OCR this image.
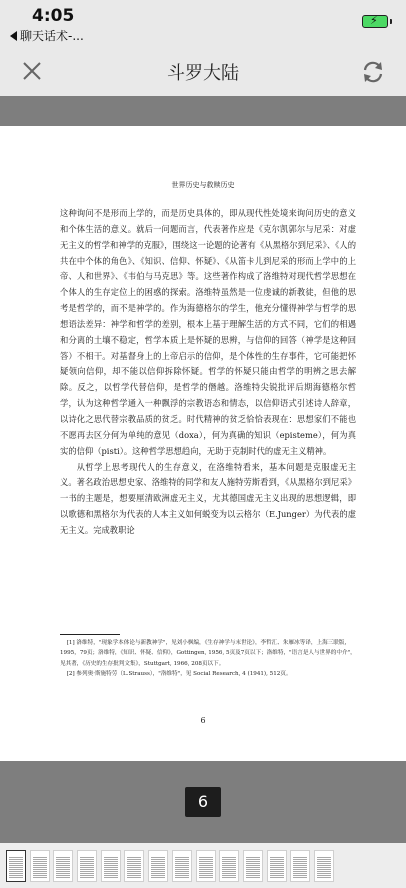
4:05
聊天话术-...
⚡
斗罗大陆
世界历史与救赎历史

这种询问不是形而上学的，而是历史具体的，即从现代性处境来询问历史的意义和个体生活的意义。就后一问题而言，代表著作应是《克尔凯郭尔与尼采：对虚无主义的哲学和神学的克服》，围绕这一论题的论著有《从黑格尔到尼采》、《人的共在中个体的角色》、《知识、信仰、怀疑》、《从笛卡儿到尼采的形而上学中的上帝、人和世界》、《韦伯与马克思》等。这些著作构成了洛维特对现代哲学思想在个体人的生存定位上的困惑的探索。洛维特虽然是一位虔诚的新教徒，但他的思考是哲学的，而不是神学的。作为海德格尔的学生，他充分懂得神学与哲学的思想语法差异：神学和哲学的差别，根本上基于理解生活的方式不同，它们的相遇和分离的土壤不稳定，哲学本质上是怀疑的思辨，与信仰的回答（神学是这种回答）不相干。对基督身上的上帝启示的信仰，是个体性的生存事件，它可能把怀疑领向信仰，却不能以信仰拆除怀疑。哲学的怀疑只能由哲学的明辨之思去解除。反之，以哲学代替信仰，是哲学的僭越。洛维特尖锐批评后期海德格尔哲学，认为这种哲学通入一种飘浮的宗教语态和情态，以信仰语式引述诗人辞章，以诗化之思代替宗教品质的贫乏。时代精神的贫乏恰恰表现在：思想家们不能也不愿再去区分何为单纯的意见（doxa），何为真确的知识（episteme），何为真实的信仰（pisti）。这种哲学思想趋向，无助于克制时代的虚无主义精神。

从哲学上思考现代人的生存意义，在洛维特看来，基本问题是克服虚无主义。著名政治思想史家、洛维特的同学和友人施特劳斯看到，《从黑格尔到尼采》一书的主题是，想要厘清欧洲虚无主义，尤其德国虚无主义出现的思想逻辑，即以歌德和黑格尔为代表的人本主义如何蜕变为以云格尔（E.Junger）为代表的虚无主义。完成教职论

[1] 洛维特，"现象学本体论与新教神学"，见刘小枫编，《生存神学与末世论》，李哲汇、朱雁冰等译，上海三联版，1995，79页；洛维特，《知识、怀疑、信仰》，Gottingen, 1956, 5页及7页以下；洛维特，"语言是人与世界的中介"，见其著，《历史的生存批判文集》，Stuttgart, 1966, 208页以下。

[2] 参列奥·斯施特劳（L.Strauss），"洛维特"，见 Social Research, 4 (1941), 512页。

6
6
